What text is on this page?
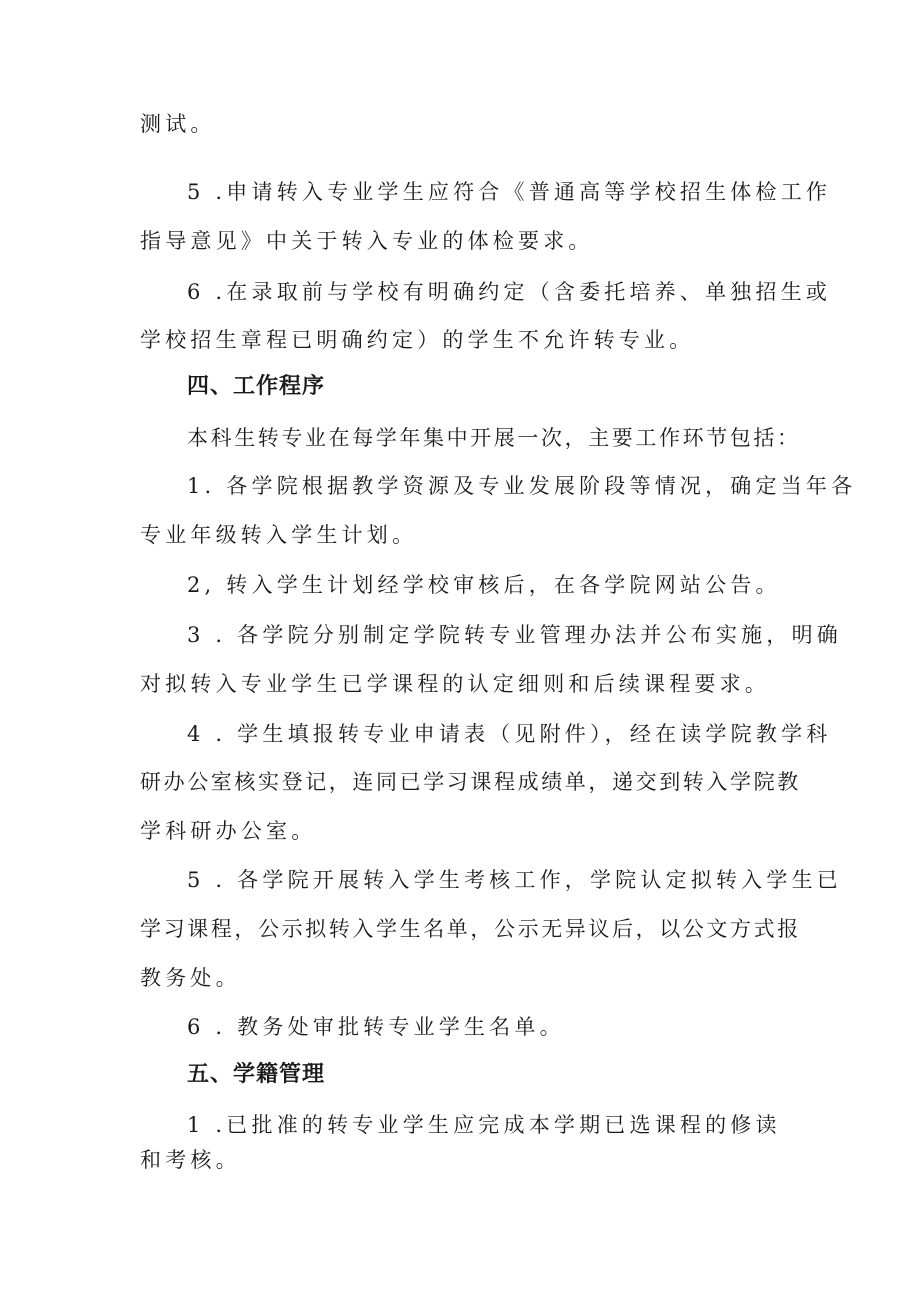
测试。
5 .申请转入专业学生应符合《普通高等学校招生体检工作
指导意见》中关于转入专业的体检要求。
6 .在录取前与学校有明确约定（含委托培养、单独招生或
学校招生章程已明确约定）的学生不允许转专业。
四、工作程序
本科生转专业在每学年集中开展一次，主要工作环节包括：
1. 各学院根据教学资源及专业发展阶段等情况，确定当年各
专业年级转入学生计划。
2, 转入学生计划经学校审核后，在各学院网站公告。
3 . 各学院分别制定学院转专业管理办法并公布实施，明确
对拟转入专业学生已学课程的认定细则和后续课程要求。
4 . 学生填报转专业申请表（见附件），经在读学院教学科
研办公室核实登记，连同已学习课程成绩单，递交到转入学院教
学科研办公室。
5 . 各学院开展转入学生考核工作，学院认定拟转入学生已
学习课程，公示拟转入学生名单，公示无异议后，以公文方式报
教务处。
6 . 教务处审批转专业学生名单。
五、学籍管理
1 .已批准的转专业学生应完成本学期已选课程的修读
和考核。
